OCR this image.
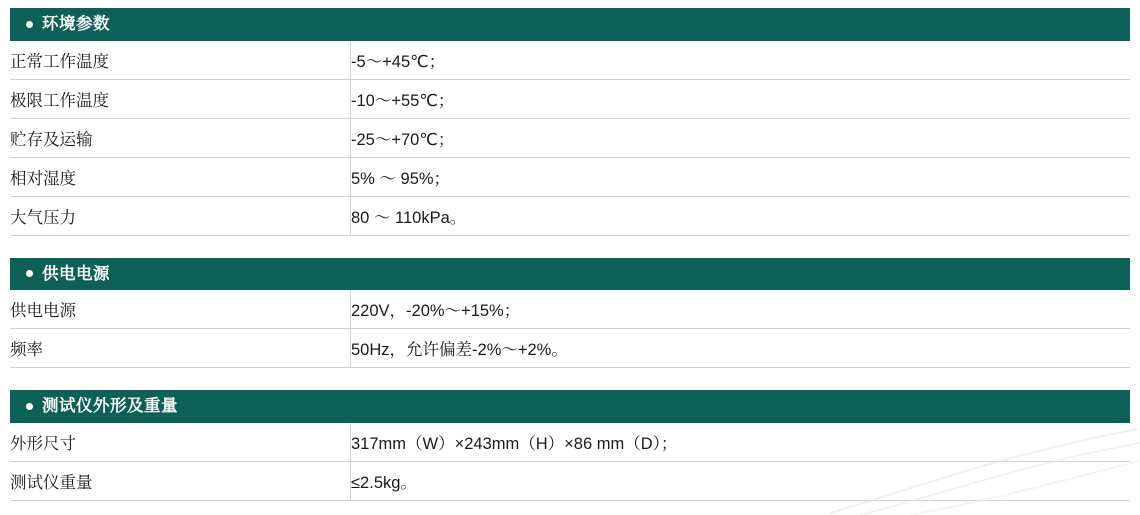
环境参数
正常工作温度	-5～+45℃；
极限工作温度	-10～+55℃；
贮存及运输	-25～+70℃；
相对湿度	5% ～ 95%；
大气压力	80 ～ 110kPa。
供电电源
供电电源	220V，-20%～+15%；
频率	50Hz，允许偏差-2%～+2%。
测试仪外形及重量
外形尺寸	317mm（W）×243mm（H）×86 mm（D）；
测试仪重量	≤2.5kg。
